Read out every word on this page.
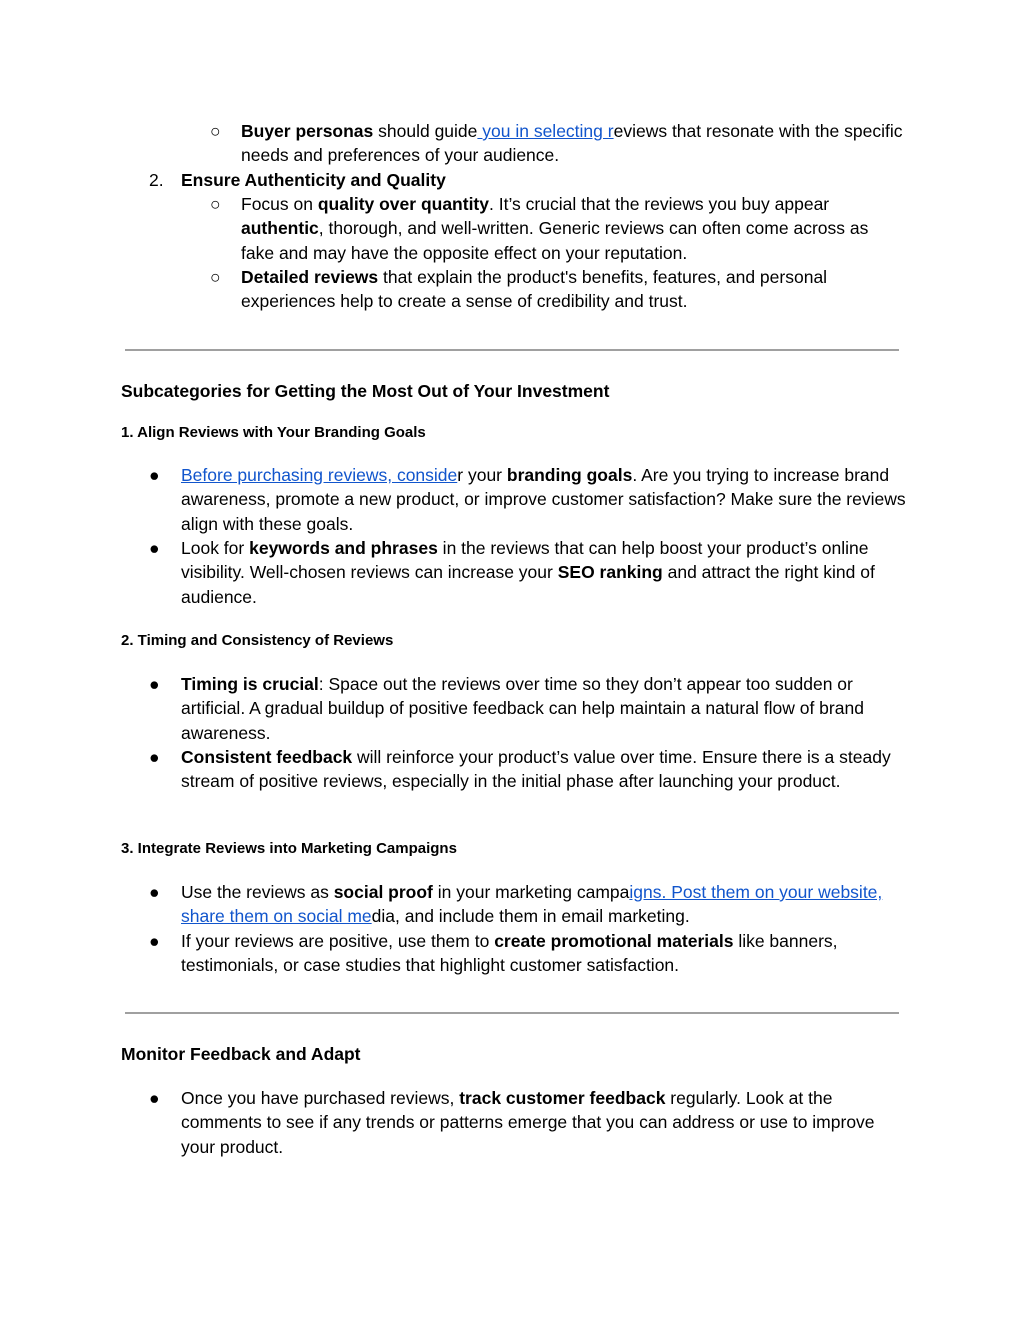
○ Buyer personas should guide you in selecting reviews that resonate with the specific needs and preferences of your audience.
2. Ensure Authenticity and Quality
○ Focus on quality over quantity. It’s crucial that the reviews you buy appear authentic, thorough, and well-written. Generic reviews can often come across as fake and may have the opposite effect on your reputation.
○ Detailed reviews that explain the product's benefits, features, and personal experiences help to create a sense of credibility and trust.
Subcategories for Getting the Most Out of Your Investment
1. Align Reviews with Your Branding Goals
● Before purchasing reviews, consider your branding goals. Are you trying to increase brand awareness, promote a new product, or improve customer satisfaction? Make sure the reviews align with these goals.
● Look for keywords and phrases in the reviews that can help boost your product’s online visibility. Well-chosen reviews can increase your SEO ranking and attract the right kind of audience.
2. Timing and Consistency of Reviews
● Timing is crucial: Space out the reviews over time so they don’t appear too sudden or artificial. A gradual buildup of positive feedback can help maintain a natural flow of brand awareness.
● Consistent feedback will reinforce your product’s value over time. Ensure there is a steady stream of positive reviews, especially in the initial phase after launching your product.
3. Integrate Reviews into Marketing Campaigns
● Use the reviews as social proof in your marketing campaigns. Post them on your website, share them on social media, and include them in email marketing.
● If your reviews are positive, use them to create promotional materials like banners, testimonials, or case studies that highlight customer satisfaction.
Monitor Feedback and Adapt
● Once you have purchased reviews, track customer feedback regularly. Look at the comments to see if any trends or patterns emerge that you can address or use to improve your product.
